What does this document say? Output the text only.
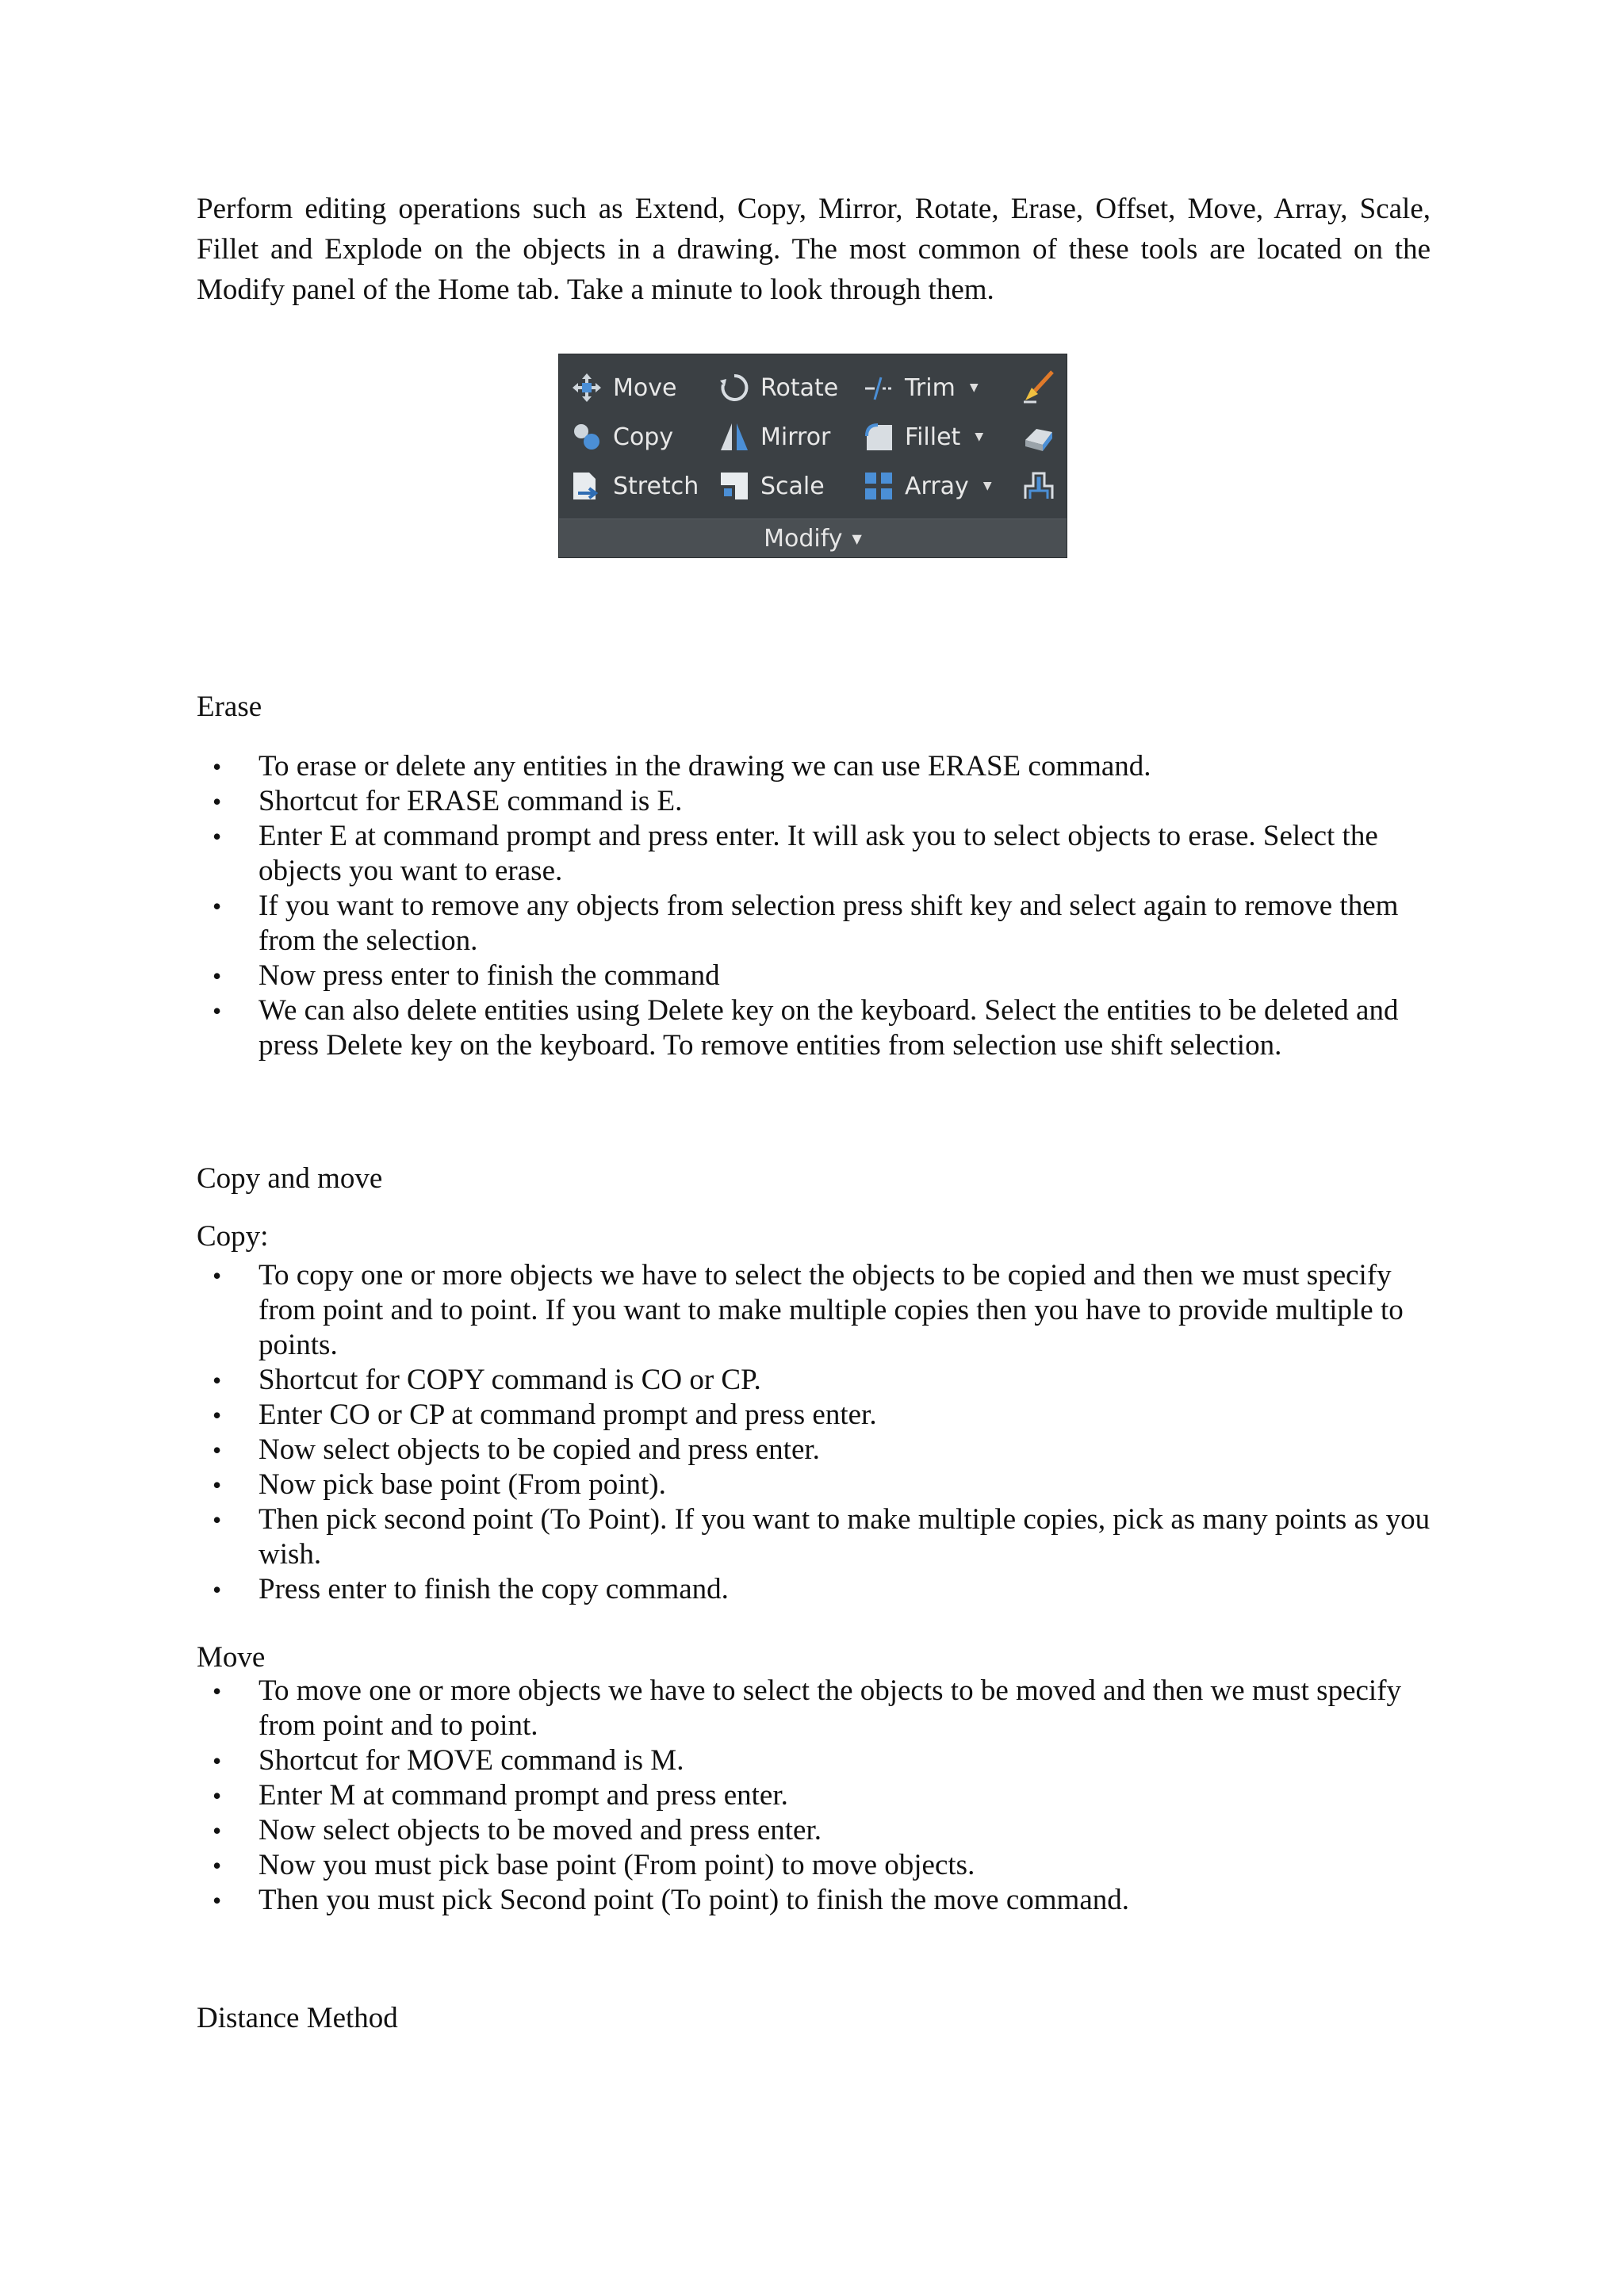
Perform editing operations such as Extend, Copy, Mirror, Rotate, Erase, Offset, Move, Array, Scale, Fillet and Explode on the objects in a drawing. The most common of these tools are located on the Modify panel of the Home tab. Take a minute to look through them.

Move	Rotate	Trim ▼
Copy	Mirror	Fillet ▼
Stretch	Scale	Array ▼
Modify ▼
Erase
• To erase or delete any entities in the drawing we can use ERASE command.
• Shortcut for ERASE command is E.
• Enter E at command prompt and press enter. It will ask you to select objects to erase. Select the objects you want to erase.
• If you want to remove any objects from selection press shift key and select again to remove them from the selection.
• Now press enter to finish the command
• We can also delete entities using Delete key on the keyboard. Select the entities to be deleted and press Delete key on the keyboard. To remove entities from selection use shift selection.
Copy and move
Copy:
• To copy one or more objects we have to select the objects to be copied and then we must specify from point and to point. If you want to make multiple copies then you have to provide multiple to points.
• Shortcut for COPY command is CO or CP.
• Enter CO or CP at command prompt and press enter.
• Now select objects to be copied and press enter.
• Now pick base point (From point).
• Then pick second point (To Point). If you want to make multiple copies, pick as many points as you wish.
• Press enter to finish the copy command.
Move
• To move one or more objects we have to select the objects to be moved and then we must specify from point and to point.
• Shortcut for MOVE command is M.
• Enter M at command prompt and press enter.
• Now select objects to be moved and press enter.
• Now you must pick base point (From point) to move objects.
• Then you must pick Second point (To point) to finish the move command.
Distance Method
